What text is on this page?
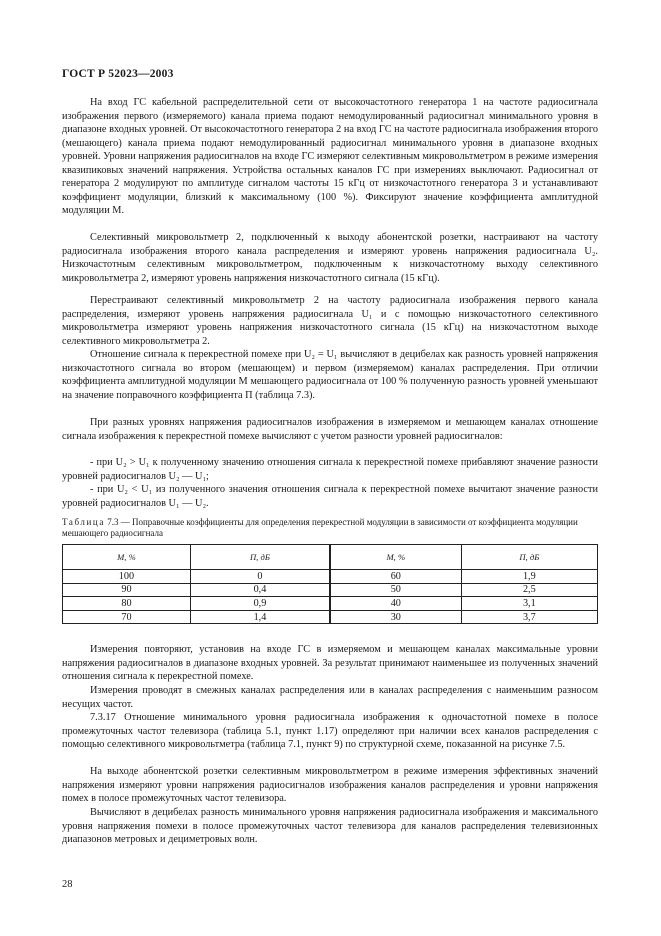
ГОСТ Р 52023—2003

На вход ГС кабельной распределительной сети от высокочастотного генератора 1 на частоте радиосигнала изображения первого (измеряемого) канала приема подают немодулированный радиосигнал минимального уровня в диапазоне входных уровней. От высокочастотного генератора 2 на вход ГС на частоте радиосигнала изображения второго (мешающего) канала приема подают немодулированный радиосигнал минимального уровня в диапазоне входных уровней. Уровни напряжения радиосигналов на входе ГС измеряют селективным микровольтметром в режиме измерения квазипиковых значений напряжения. Устройства остальных каналов ГС при измерениях выключают. Радиосигнал от генератора 2 модулируют по амплитуде сигналом частоты 15 кГц от низкочастотного генератора 3 и устанавливают коэффициент модуляции, близкий к максимальному (100 %). Фиксируют значение коэффициента амплитудной модуляции М.

Селективный микровольтметр 2, подключенный к выходу абонентской розетки, настраивают на частоту радиосигнала изображения второго канала распределения и измеряют уровень напряжения радиосигнала U₂. Низкочастотным селективным микровольтметром, подключенным к низкочастотному выходу селективного микровольтметра 2, измеряют уровень напряжения низкочастотного сигнала (15 кГц).

Перестраивают селективный микровольтметр 2 на частоту радиосигнала изображения первого канала распределения, измеряют уровень напряжения радиосигнала U₁ и с помощью низкочастотного селективного микровольтметра измеряют уровень напряжения низкочастотного сигнала (15 кГц) на низкочастотном выходе селективного микровольтметра 2.

Отношение сигнала к перекрестной помехе при U₂ = U₁ вычисляют в децибелах как разность уровней напряжения низкочастотного сигнала во втором (мешающем) и первом (измеряемом) каналах распределения. При отличии коэффициента амплитудной модуляции М мешающего радиосигнала от 100 % полученную разность уровней уменьшают на значение поправочного коэффициента П (таблица 7.3).

При разных уровнях напряжения радиосигналов изображения в измеряемом и мешающем каналах отношение сигнала изображения к перекрестной помехе вычисляют с учетом разности уровней радиосигналов:

- при U₂ > U₁ к полученному значению отношения сигнала к перекрестной помехе прибавляют значение разности уровней радиосигналов U₂ — U₁;

- при U₂ < U₁ из полученного значения отношения сигнала к перекрестной помехе вычитают значение разности уровней радиосигналов U₁ — U₂.

Таблица 7.3 — Поправочные коэффициенты для определения перекрестной модуляции в зависимости от коэффициента модуляции мешающего радиосигнала
М, %	П, дБ	М, %	П, дБ
100	0	60	1,9
90	0,4	50	2,5
80	0,9	40	3,1
70	1,4	30	3,7

Измерения повторяют, установив на входе ГС в измеряемом и мешающем каналах максимальные уровни напряжения радиосигналов в диапазоне входных уровней. За результат принимают наименьшее из полученных значений отношения сигнала к перекрестной помехе.

Измерения проводят в смежных каналах распределения или в каналах распределения с наименьшим разносом несущих частот.

7.3.17 Отношение минимального уровня радиосигнала изображения к одночастотной помехе в полосе промежуточных частот телевизора (таблица 5.1, пункт 1.17) определяют при наличии всех каналов распределения с помощью селективного микровольтметра (таблица 7.1, пункт 9) по структурной схеме, показанной на рисунке 7.5.

На выходе абонентской розетки селективным микровольтметром в режиме измерения эффективных значений напряжения измеряют уровни напряжения радиосигналов изображения каналов распределения и уровни напряжения помех в полосе промежуточных частот телевизора.

Вычисляют в децибелах разность минимального уровня напряжения радиосигнала изображения и максимального уровня напряжения помехи в полосе промежуточных частот телевизора для каналов распределения телевизионных диапазонов метровых и дециметровых волн.

28
